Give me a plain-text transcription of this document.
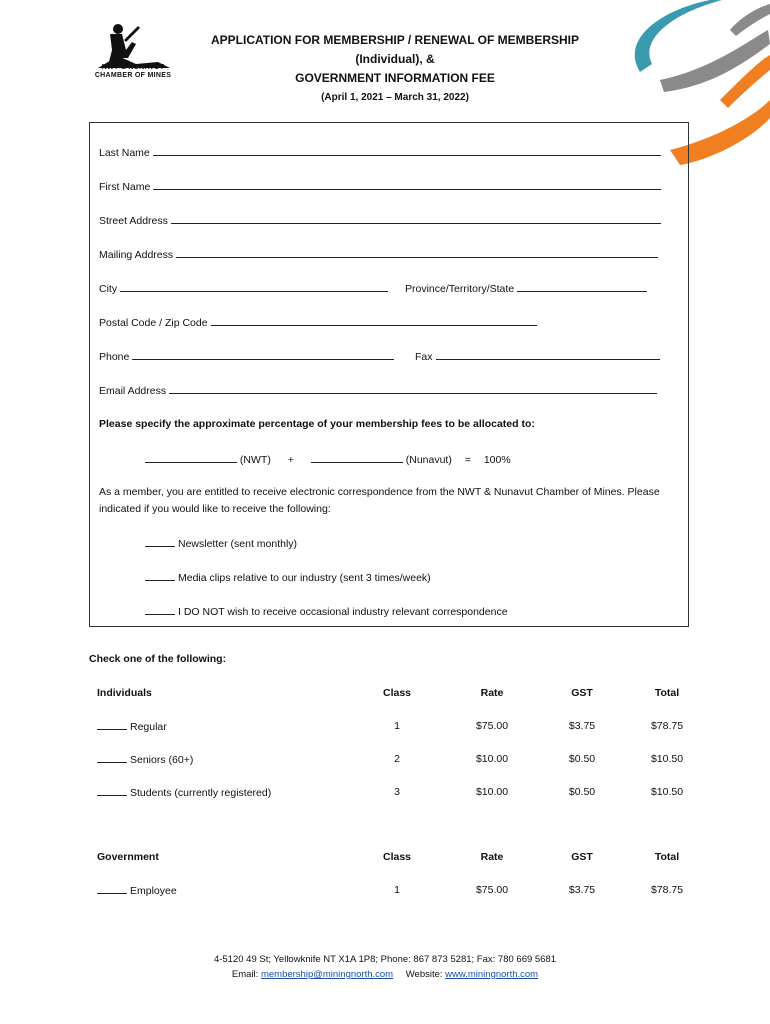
NWT & NUNAVUT
CHAMBER OF MINES
APPLICATION FOR MEMBERSHIP / RENEWAL OF MEMBERSHIP
(Individual), &
GOVERNMENT INFORMATION FEE
(April 1, 2021 – March 31, 2022)
Last Name
First Name
Street Address
Mailing Address
City	Province/Territory/State
Postal Code / Zip Code
Phone	Fax
Email Address
Please specify the approximate percentage of your membership fees to be allocated to:
(NWT) +	(Nunavut) = 100%
As a member, you are entitled to receive electronic correspondence from the NWT & Nunavut Chamber of Mines. Please indicated if you would like to receive the following:
Newsletter (sent monthly)
Media clips relative to our industry (sent 3 times/week)
I DO NOT wish to receive occasional industry relevant correspondence
Check one of the following:
Individuals	Class	Rate	GST	Total
Regular	1	$75.00	$3.75	$78.75
Seniors (60+)	2	$10.00	$0.50	$10.50
Students (currently registered)	3	$10.00	$0.50	$10.50
Government	Class	Rate	GST	Total
Employee	1	$75.00	$3.75	$78.75
4-5120 49 St; Yellowknife NT X1A 1P8; Phone: 867 873 5281; Fax: 780 669 5681
Email: membership@miningnorth.com Website: www.miningnorth.com
